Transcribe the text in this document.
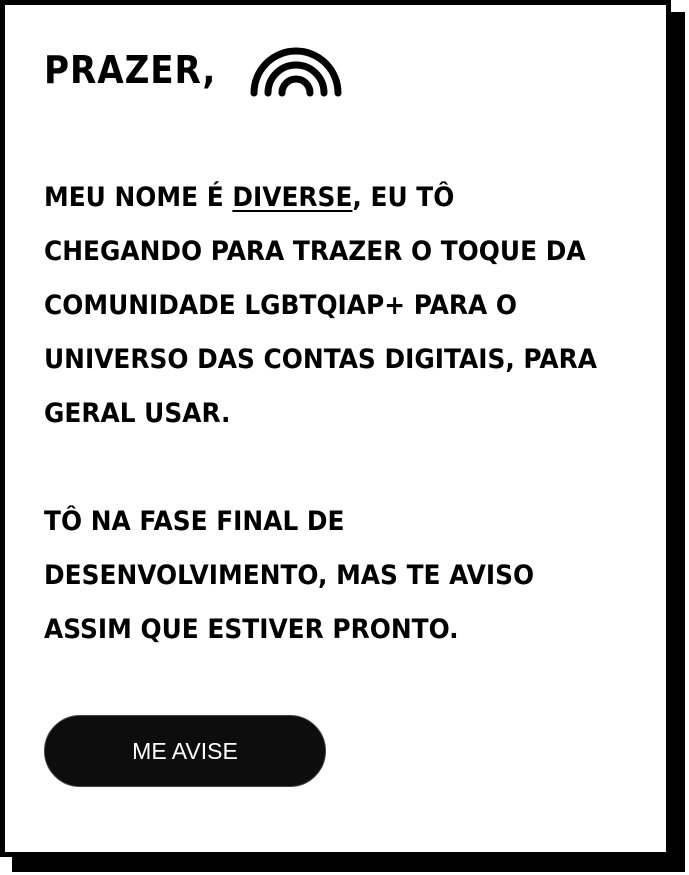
PRAZER,

MEU NOME É DIVERSE, EU TÔ CHEGANDO PARA TRAZER O TOQUE DA COMUNIDADE LGBTQIAP+ PARA O UNIVERSO DAS CONTAS DIGITAIS, PARA GERAL USAR.

TÔ NA FASE FINAL DE DESENVOLVIMENTO, MAS TE AVISO ASSIM QUE ESTIVER PRONTO.

ME AVISE
